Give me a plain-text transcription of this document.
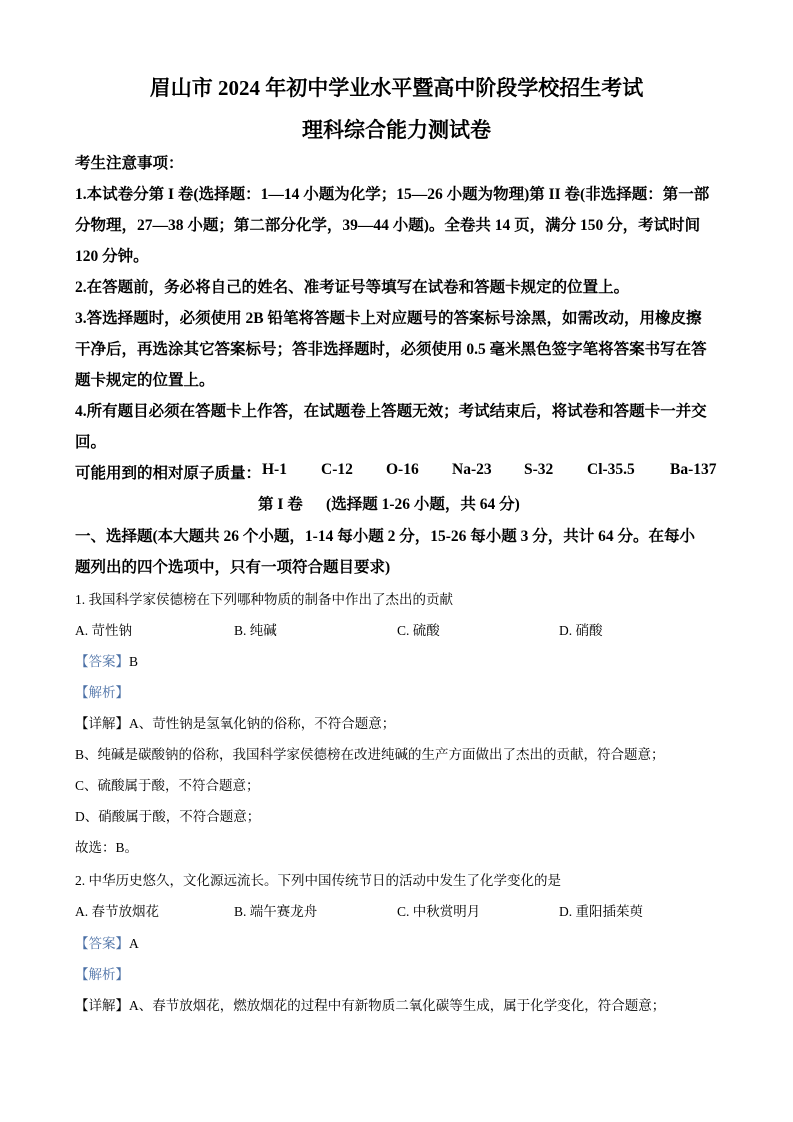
眉山市 2024 年初中学业水平暨高中阶段学校招生考试
理科综合能力测试卷
考生注意事项：
1.本试卷分第 I 卷(选择题：1—14 小题为化学；15—26 小题为物理)第 II 卷(非选择题：第一部
分物理，27—38 小题；第二部分化学，39—44 小题)。全卷共 14 页，满分 150 分，考试时间
120 分钟。
2.在答题前，务必将自己的姓名、准考证号等填写在试卷和答题卡规定的位置上。
3.答选择题时，必须使用 2B 铅笔将答题卡上对应题号的答案标号涂黑，如需改动，用橡皮擦
干净后，再选涂其它答案标号；答非选择题时，必须使用 0.5 毫米黑色签字笔将答案书写在答
题卡规定的位置上。
4.所有题目必须在答题卡上作答，在试题卷上答题无效；考试结束后，将试卷和答题卡一并交
回。
可能用到的相对原子质量： H-1 C-12 O-16 Na-23 S-32 Cl-35.5 Ba-137
第 I 卷      (选择题 1-26 小题，共 64 分)
一、选择题(本大题共 26 个小题，1-14 每小题 2 分，15-26 每小题 3 分，共计 64 分。在每小
题列出的四个选项中，只有一项符合题目要求)
1. 我国科学家侯德榜在下列哪种物质的制备中作出了杰出的贡献
A. 苛性钠	B. 纯碱	C. 硫酸	D. 硝酸
【答案】B
【解析】
【详解】A、苛性钠是氢氧化钠的俗称，不符合题意；
B、纯碱是碳酸钠的俗称，我国科学家侯德榜在改进纯碱的生产方面做出了杰出的贡献，符合题意；
C、硫酸属于酸，不符合题意；
D、硝酸属于酸，不符合题意；
故选：B。
2. 中华历史悠久，文化源远流长。下列中国传统节日的活动中发生了化学变化的是
A. 春节放烟花	B. 端午赛龙舟	C. 中秋赏明月	D. 重阳插茱萸
【答案】A
【解析】
【详解】A、春节放烟花，燃放烟花的过程中有新物质二氧化碳等生成，属于化学变化，符合题意；
